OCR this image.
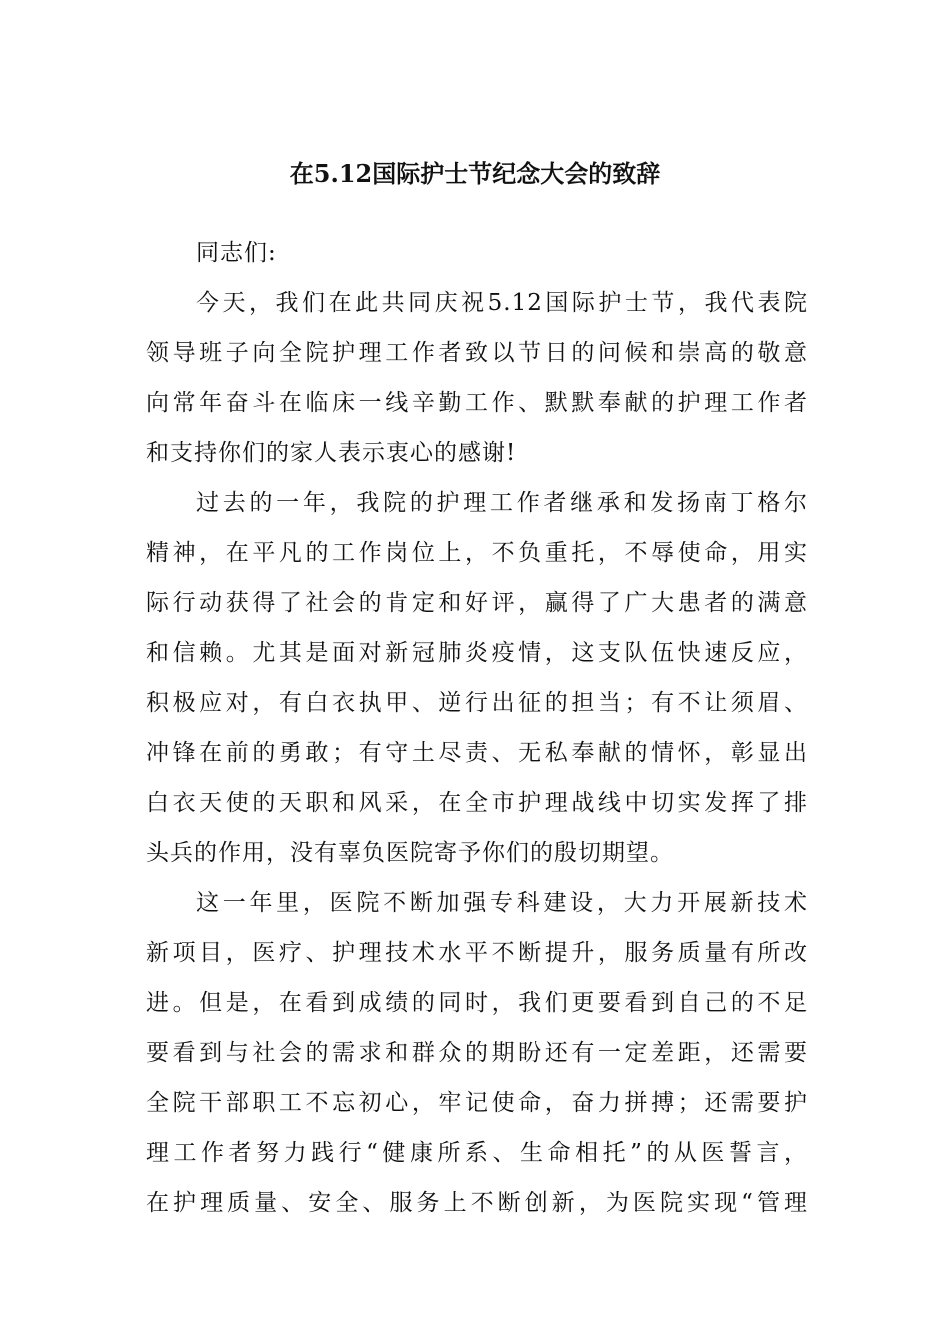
在5.12国际护士节纪念大会的致辞
同志们:
今天，我们在此共同庆祝5.12国际护士节，我代表院
领导班子向全院护理工作者致以节日的问候和崇高的敬意
向常年奋斗在临床一线辛勤工作、默默奉献的护理工作者
和支持你们的家人表示衷心的感谢!
过去的一年，我院的护理工作者继承和发扬南丁格尔
精神，在平凡的工作岗位上，不负重托，不辱使命，用实
际行动获得了社会的肯定和好评，赢得了广大患者的满意
和信赖。尤其是面对新冠肺炎疫情，这支队伍快速反应，
积极应对，有白衣执甲、逆行出征的担当；有不让须眉、
冲锋在前的勇敢；有守土尽责、无私奉献的情怀，彰显出
白衣天使的天职和风采，在全市护理战线中切实发挥了排
头兵的作用，没有辜负医院寄予你们的殷切期望。
这一年里，医院不断加强专科建设，大力开展新技术
新项目，医疗、护理技术水平不断提升，服务质量有所改
进。但是，在看到成绩的同时，我们更要看到自己的不足
要看到与社会的需求和群众的期盼还有一定差距，还需要
全院干部职工不忘初心，牢记使命，奋力拼搏；还需要护
理工作者努力践行“健康所系、生命相托”的从医誓言，
在护理质量、安全、服务上不断创新，为医院实现“管理
